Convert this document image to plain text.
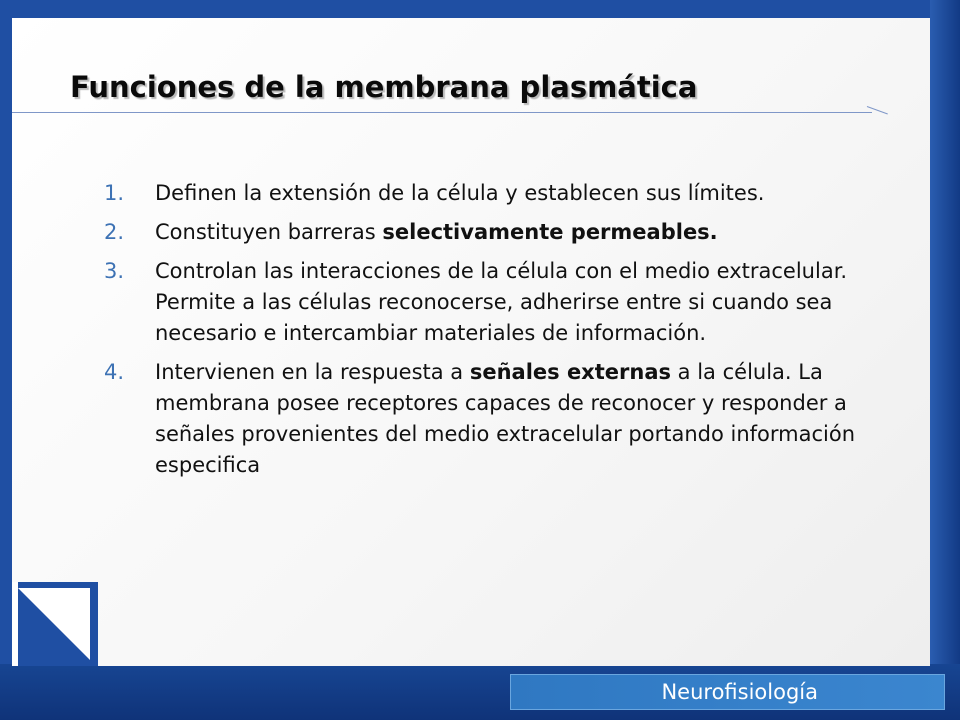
Funciones de la membrana plasmática
1.	Definen la extensión de la célula y establecen sus límites.
2.	Constituyen barreras selectivamente permeables.
3.	Controlan las interacciones de la célula con el medio extracelular. Permite a las células reconocerse, adherirse entre si cuando sea necesario e intercambiar materiales de información.
4.	Intervienen en la respuesta a señales externas a la célula. La membrana posee receptores capaces de reconocer y responder a señales provenientes del medio extracelular portando información especifica
Neurofisiología
